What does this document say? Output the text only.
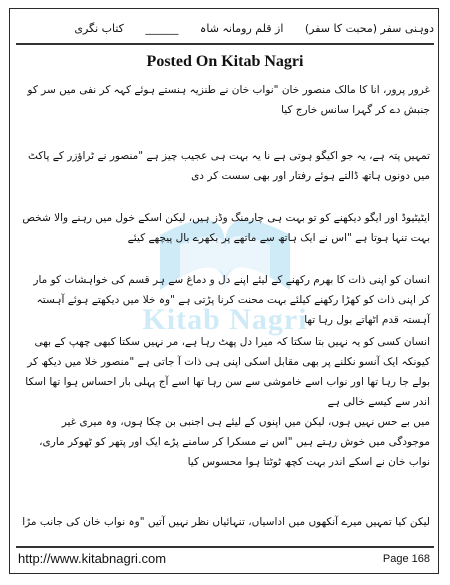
دوہنی سفر (محبت کا سفر) از قلم رومانہ شاہ ______ کتاب نگری
Posted On Kitab Nagri
Kitab Nagri

غرور پرور، انا کا مالک منصور خان "نواب خان نے طنزیہ ہنستے ہوئے کہہ کر نفی میں سر کو جنبش دے کر گہرا سانس خارج کیا

تمہیں پتہ ہے، یہ جو اکیگو ہوتی ہے نا یہ بہت ہی عجیب چیز ہے "منصور نے ٹراؤزر کے پاکٹ میں دونوں ہاتھ ڈالتے ہوئے رفتار اور بھی سست کر دی

ایٹیٹیوڈ اور ایگو دیکھنے کو تو بہت ہی چارمنگ وڈز ہیں، لیکن اسکے خول میں رہنے والا شخص بہت تنہا ہوتا ہے "اس نے ایک ہاتھ سے ماتھے پر بکھرے بال پیچھے کیئے

انسان کو اپنی ذات کا بھرم رکھنے کے لیئے اپنے دل و دماغ سے ہر قسم کی خواہشات کو مار کر اپنی ذات کو کھڑا رکھنے کیلئے بہت محنت کرنا پڑتی ہے "وہ خلا میں دیکھتے ہوئے آہستہ آہستہ قدم اٹھاتے بول رہا تھا

انسان کسی کو یہ نہیں بتا سکتا کہ میرا دل پھٹ رہا ہے، مر نہیں سکتا کبھی چھپ کے بھی کیونکہ ایک آنسو نکلنے پر بھی مقابل اسکی اپنی ہی ذات آ جاتی ہے "منصور خلا میں دیکھ کر بولے جا رہا تھا اور نواب اسے خاموشی سے سن رہا تھا اسے آج پہلی بار احساس ہوا تھا اسکا اندر سے کیسے خالی ہے

میں بے حس نہیں ہوں، لیکن میں اپنوں کے لیئے ہی اجنبی بن چکا ہوں، وہ میری غیر موجودگی میں خوش رہتے ہیں "اس نے مسکرا کر سامنے پڑے ایک اور پتھر کو ٹھوکر ماری، نواب خان نے اسکے اندر بہت کچھ ٹوٹتا ہوا محسوس کیا

لیکن کیا تمہیں میرے آنکھوں میں اداسیاں، تنہائیاں نظر نہیں آتیں "وہ نواب خان کی جانب مڑا

http://www.kitabnagri.com	Page 168
